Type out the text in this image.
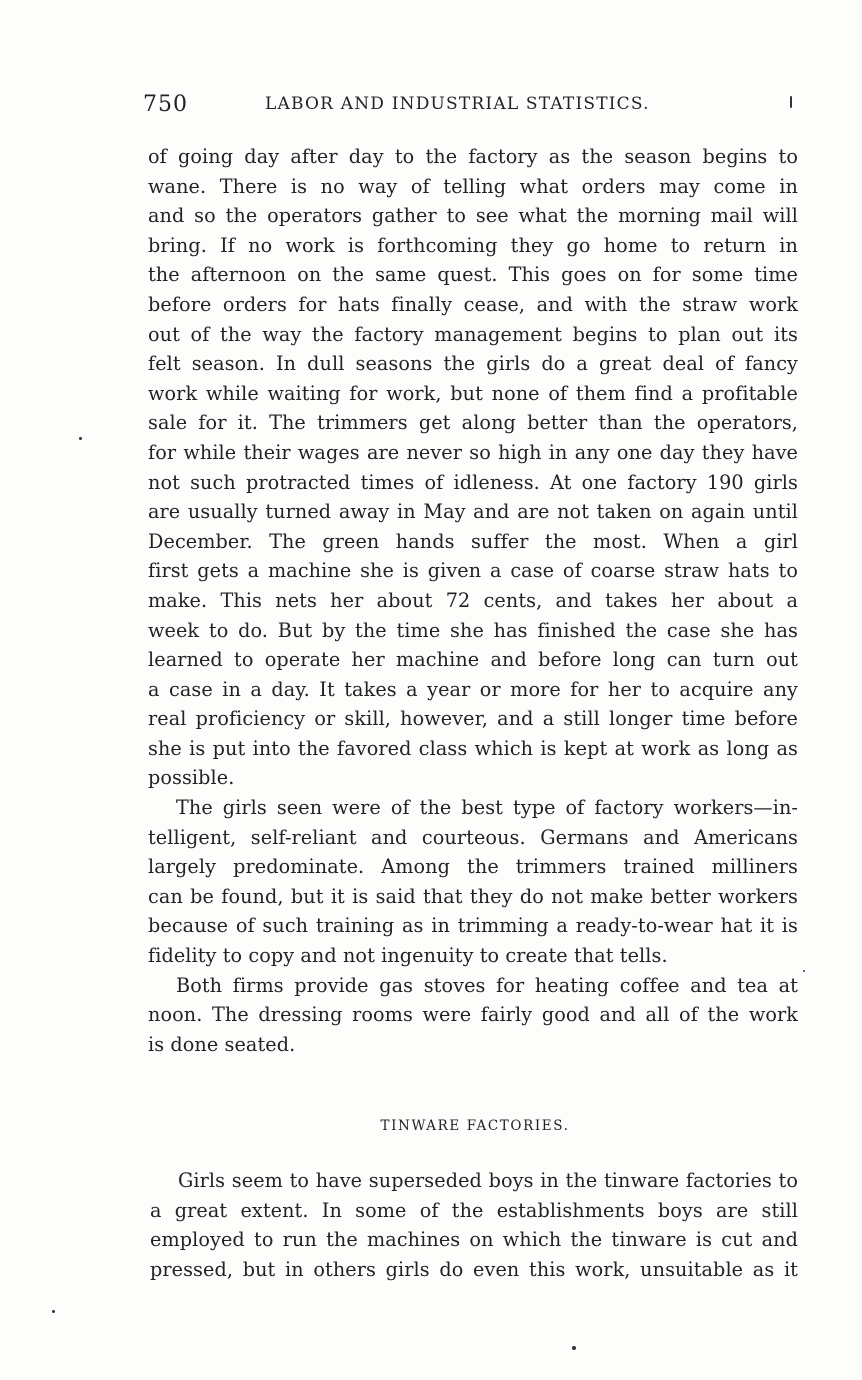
750	LABOR AND INDUSTRIAL STATISTICS.
of going day after day to the factory as the season begins to
wane. There is no way of telling what orders may come in
and so the operators gather to see what the morning mail will
bring. If no work is forthcoming they go home to return in
the afternoon on the same quest. This goes on for some time
before orders for hats finally cease, and with the straw work
out of the way the factory management begins to plan out its
felt season. In dull seasons the girls do a great deal of fancy
work while waiting for work, but none of them find a profitable
sale for it. The trimmers get along better than the operators,
for while their wages are never so high in any one day they have
not such protracted times of idleness. At one factory 190 girls
are usually turned away in May and are not taken on again until
December. The green hands suffer the most. When a girl
first gets a machine she is given a case of coarse straw hats to
make. This nets her about 72 cents, and takes her about a
week to do. But by the time she has finished the case she has
learned to operate her machine and before long can turn out
a case in a day. It takes a year or more for her to acquire any
real proficiency or skill, however, and a still longer time before
she is put into the favored class which is kept at work as long as
possible.
The girls seen were of the best type of factory workers—in-
telligent, self-reliant and courteous. Germans and Americans
largely predominate. Among the trimmers trained milliners
can be found, but it is said that they do not make better workers
because of such training as in trimming a ready-to-wear hat it is
fidelity to copy and not ingenuity to create that tells.
Both firms provide gas stoves for heating coffee and tea at
noon. The dressing rooms were fairly good and all of the work
is done seated.
TINWARE FACTORIES.
Girls seem to have superseded boys in the tinware factories to
a great extent. In some of the establishments boys are still
employed to run the machines on which the tinware is cut and
pressed, but in others girls do even this work, unsuitable as it
